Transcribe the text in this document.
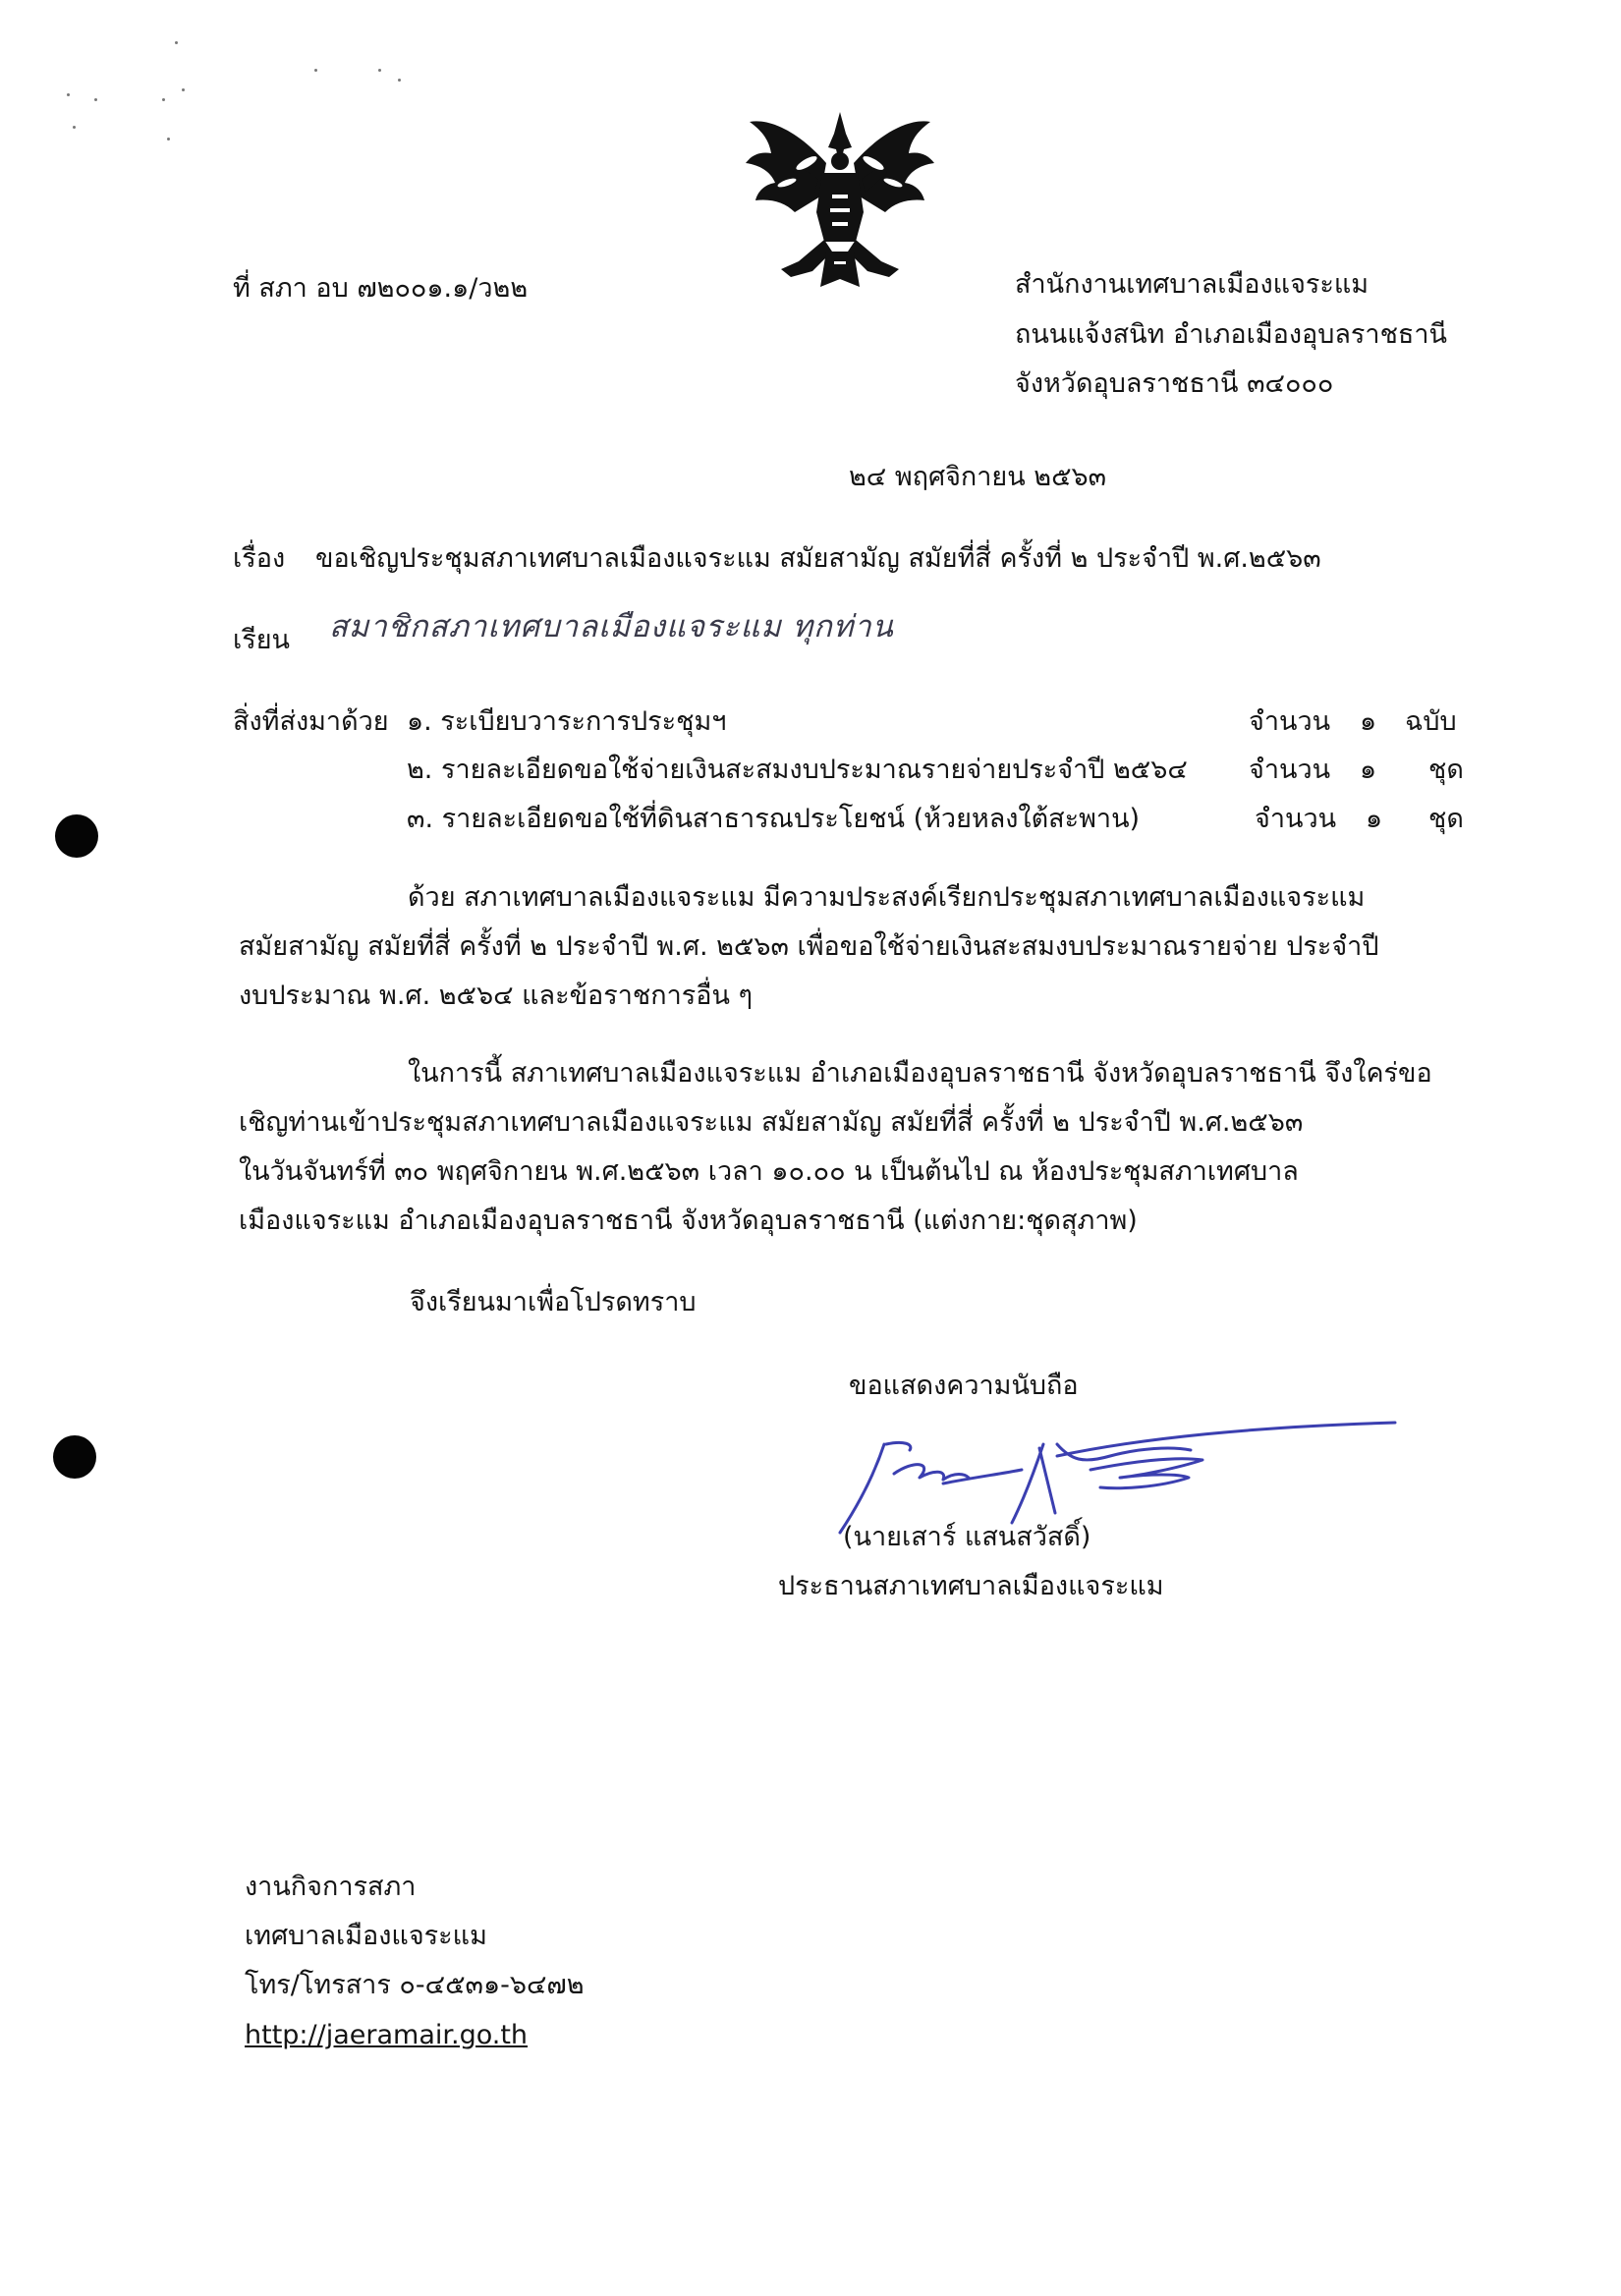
ที่ สภา อบ ๗๒๐๐๑.๑/ว๒๒	สำนักงานเทศบาลเมืองแจระแม
ถนนแจ้งสนิท อำเภอเมืองอุบลราชธานี
จังหวัดอุบลราชธานี ๓๔๐๐๐
๒๔ พฤศจิกายน ๒๕๖๓
เรื่อง ขอเชิญประชุมสภาเทศบาลเมืองแจระแม สมัยสามัญ สมัยที่สี่ ครั้งที่ ๒ ประจำปี พ.ศ.๒๕๖๓
เรียน สมาชิกสภาเทศบาลเมืองแจระแม ทุกท่าน
สิ่งที่ส่งมาด้วย ๑. ระเบียบวาระการประชุมฯ	จำนวน ๑ ฉบับ
๒. รายละเอียดขอใช้จ่ายเงินสะสมงบประมาณรายจ่ายประจำปี ๒๕๖๔ จำนวน ๑ ชุด
๓. รายละเอียดขอใช้ที่ดินสาธารณประโยชน์ (ห้วยหลงใต้สะพาน)	จำนวน ๑ ชุด
ด้วย สภาเทศบาลเมืองแจระแม มีความประสงค์เรียกประชุมสภาเทศบาลเมืองแจระแม
สมัยสามัญ สมัยที่สี่ ครั้งที่ ๒ ประจำปี พ.ศ. ๒๕๖๓ เพื่อขอใช้จ่ายเงินสะสมงบประมาณรายจ่าย ประจำปี
งบประมาณ พ.ศ. ๒๕๖๔ และข้อราชการอื่น ๆ
ในการนี้ สภาเทศบาลเมืองแจระแม อำเภอเมืองอุบลราชธานี จังหวัดอุบลราชธานี จึงใคร่ขอ
เชิญท่านเข้าประชุมสภาเทศบาลเมืองแจระแม สมัยสามัญ สมัยที่สี่ ครั้งที่ ๒ ประจำปี พ.ศ.๒๕๖๓
ในวันจันทร์ที่ ๓๐ พฤศจิกายน พ.ศ.๒๕๖๓ เวลา ๑๐.๐๐ น เป็นต้นไป ณ ห้องประชุมสภาเทศบาล
เมืองแจระแม อำเภอเมืองอุบลราชธานี จังหวัดอุบลราชธานี (แต่งกาย:ชุดสุภาพ)
จึงเรียนมาเพื่อโปรดทราบ
ขอแสดงความนับถือ
(นายเสาร์ แสนสวัสดิ์)
ประธานสภาเทศบาลเมืองแจระแม
งานกิจการสภา
เทศบาลเมืองแจระแม
โทร/โทรสาร ๐-๔๕๓๑-๖๔๗๒
http://jaeramair.go.th
